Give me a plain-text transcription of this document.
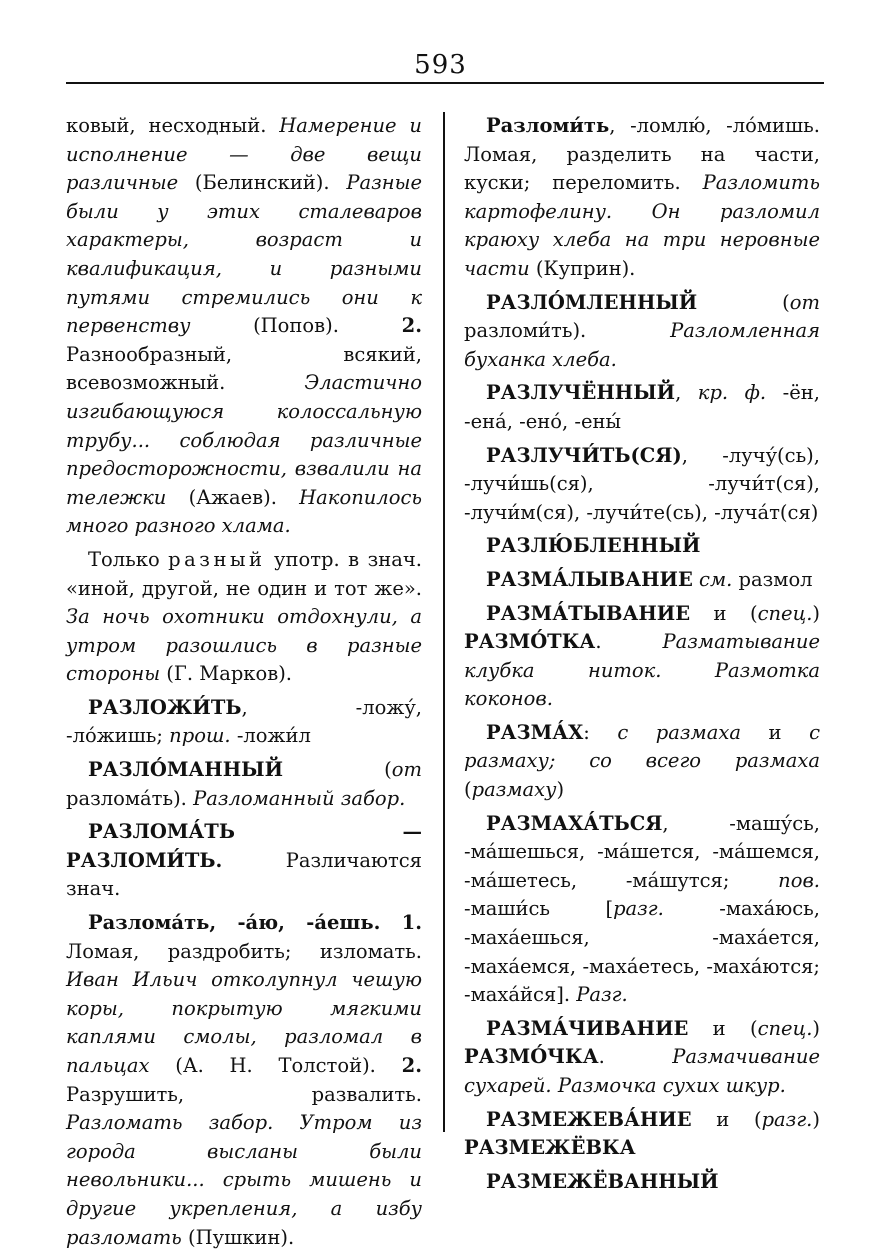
593

ковый, несходный. Намерение и исполнение — две вещи различные (Белинский). Разные были у этих сталеваров характеры, возраст и квалификация, и разными путями стремились они к первенству (Попов). 2. Разнообразный, всякий, всевозможный. Эластично изгибающуюся колоссальную трубу... соблюдая различные предосторожности, взвалили на тележки (Ажаев). Накопилось много разного хлама.

Только разный употр. в знач. «иной, другой, не один и тот же». За ночь охотники отдохнули, а утром разошлись в разные стороны (Г. Марков).

РАЗЛОЖИ́ТЬ, -ложу́, -ло́жишь; прош. -ложи́л

РАЗЛО́МАННЫЙ (от разлома́ть). Разломанный забор.

РАЗЛОМА́ТЬ — РАЗЛОМИ́ТЬ. Различаются знач.

Разлома́ть, -а́ю, -а́ешь. 1. Ломая, раздробить; изломать. Иван Ильич отколупнул чешую коры, покрытую мягкими каплями смолы, разломал в пальцах (А. Н. Толстой). 2. Разрушить, развалить. Разломать забор. Утром из города высланы были невольники... срыть мишень и другие укрепления, а избу разломать (Пушкин).

Разломи́ть, -ломлю́, -ло́мишь. Ломая, разделить на части, куски; переломить. Разломить картофелину. Он разломил краюху хлеба на три неровные части (Куприн).

РАЗЛО́МЛЕННЫЙ (от разломи́ть). Разломленная буханка хлеба.

РАЗЛУЧЁННЫЙ, кр. ф. -ён, -ена́, -ено́, -ены́

РАЗЛУЧИ́ТЬ(СЯ), -лучу́(сь), -лучи́шь(ся), -лучи́т(ся), -лучи́м(ся), -лучи́те(сь), -луча́т(ся)

РАЗЛЮ́БЛЕННЫЙ

РАЗМА́ЛЫВАНИЕ см. размол

РАЗМА́ТЫВАНИЕ и (спец.) РАЗМО́ТКА. Разматывание клубка ниток. Размотка коконов.

РАЗМА́Х: с размаха и с размаху; со всего размаха (размаху)

РАЗМАХА́ТЬСЯ, -машу́сь, -ма́шешься, -ма́шется, -ма́шемся, -ма́шетесь, -ма́шутся; пов. -маши́сь [разг. -маха́юсь, -маха́ешься, -маха́ется, -маха́емся, -маха́етесь, -маха́ются; -маха́йся]. Разг.

РАЗМА́ЧИВАНИЕ и (спец.) РАЗМО́ЧКА. Размачивание сухарей. Размочка сухих шкур.

РАЗМЕЖЕВА́НИЕ и (разг.) РАЗМЕЖЁВКА

РАЗМЕЖЁВАННЫЙ
